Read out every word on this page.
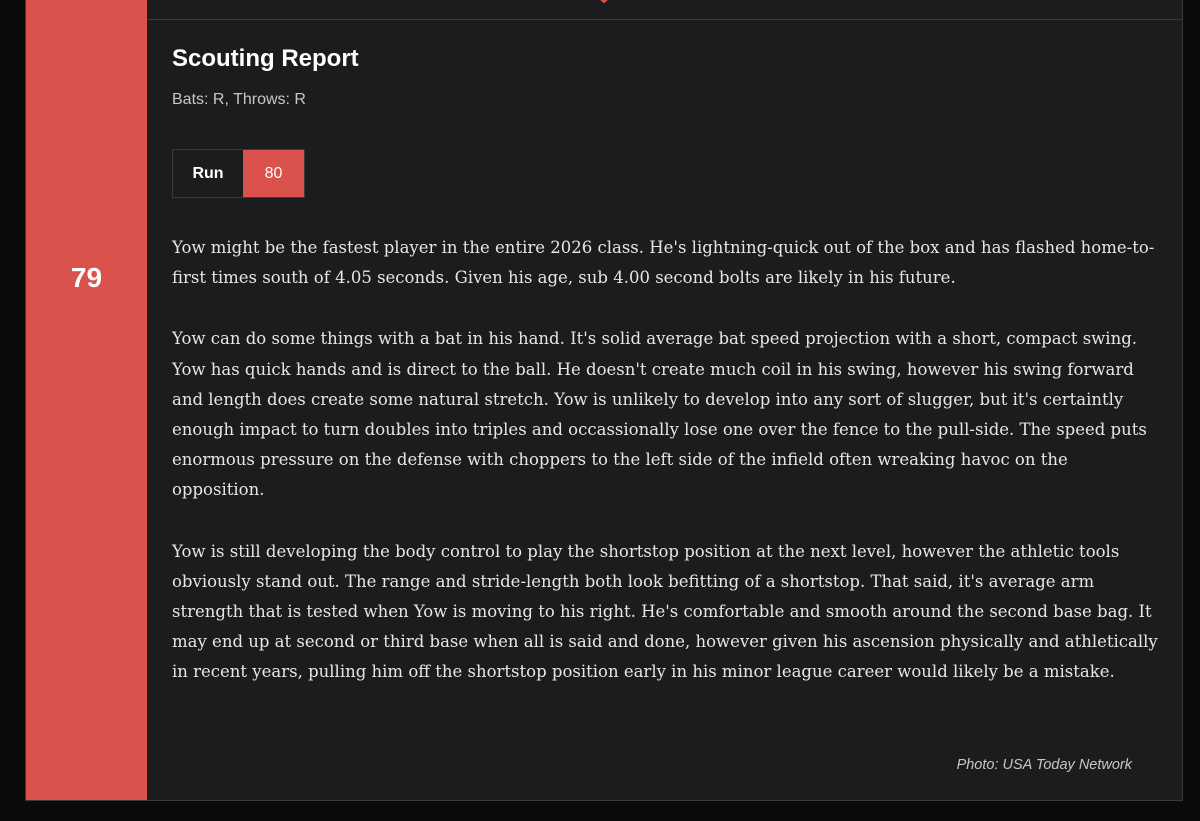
79
Scouting Report
Bats: R, Throws: R
Run	80

Yow might be the fastest player in the entire 2026 class. He's lightning-quick out of the box and has flashed home-to-first times south of 4.05 seconds. Given his age, sub 4.00 second bolts are likely in his future.

Yow can do some things with a bat in his hand. It's solid average bat speed projection with a short, compact swing. Yow has quick hands and is direct to the ball. He doesn't create much coil in his swing, however his swing forward and length does create some natural stretch. Yow is unlikely to develop into any sort of slugger, but it's certaintly enough impact to turn doubles into triples and occassionally lose one over the fence to the pull-side. The speed puts enormous pressure on the defense with choppers to the left side of the infield often wreaking havoc on the opposition.

Yow is still developing the body control to play the shortstop position at the next level, however the athletic tools obviously stand out. The range and stride-length both look befitting of a shortstop. That said, it's average arm strength that is tested when Yow is moving to his right. He's comfortable and smooth around the second base bag. It may end up at second or third base when all is said and done, however given his ascension physically and athletically in recent years, pulling him off the shortstop position early in his minor league career would likely be a mistake.

Photo: USA Today Network
